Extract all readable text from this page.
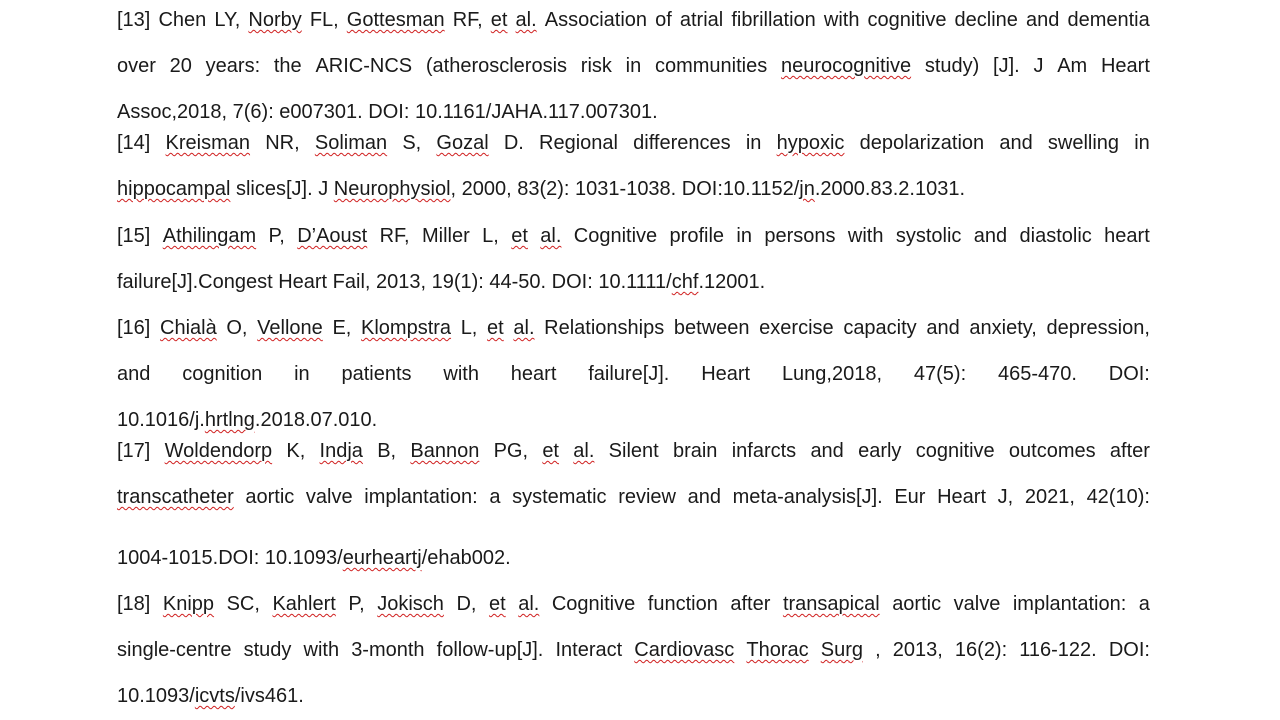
[13] Chen LY, Norby FL, Gottesman RF, et al. Association of atrial fibrillation with cognitive decline and dementia
over 20 years: the ARIC-NCS (atherosclerosis risk in communities neurocognitive study) [J]. J Am Heart
Assoc,2018, 7(6): e007301. DOI: 10.1161/JAHA.117.007301.
[14] Kreisman NR, Soliman S, Gozal D. Regional differences in hypoxic depolarization and swelling in
hippocampal slices[J]. J Neurophysiol, 2000, 83(2): 1031-1038. DOI:10.1152/jn.2000.83.2.1031.
[15] Athilingam P, D’Aoust RF, Miller L, et al. Cognitive profile in persons with systolic and diastolic heart
failure[J].Congest Heart Fail, 2013, 19(1): 44-50. DOI: 10.1111/chf.12001.
[16] Chialà O, Vellone E, Klompstra L, et al. Relationships between exercise capacity and anxiety, depression,
and cognition in patients with heart failure[J]. Heart Lung,2018, 47(5): 465-470. DOI:
10.1016/j.hrtlng.2018.07.010.
[17] Woldendorp K, Indja B, Bannon PG, et al. Silent brain infarcts and early cognitive outcomes after
transcatheter aortic valve implantation: a systematic review and meta-analysis[J]. Eur Heart J, 2021, 42(10):
1004-1015.DOI: 10.1093/eurheartj/ehab002.
[18] Knipp SC, Kahlert P, Jokisch D, et al. Cognitive function after transapical aortic valve implantation: a
single-centre study with 3-month follow-up[J]. Interact Cardiovasc Thorac Surg , 2013, 16(2): 116-122. DOI:
10.1093/icvts/ivs461.
